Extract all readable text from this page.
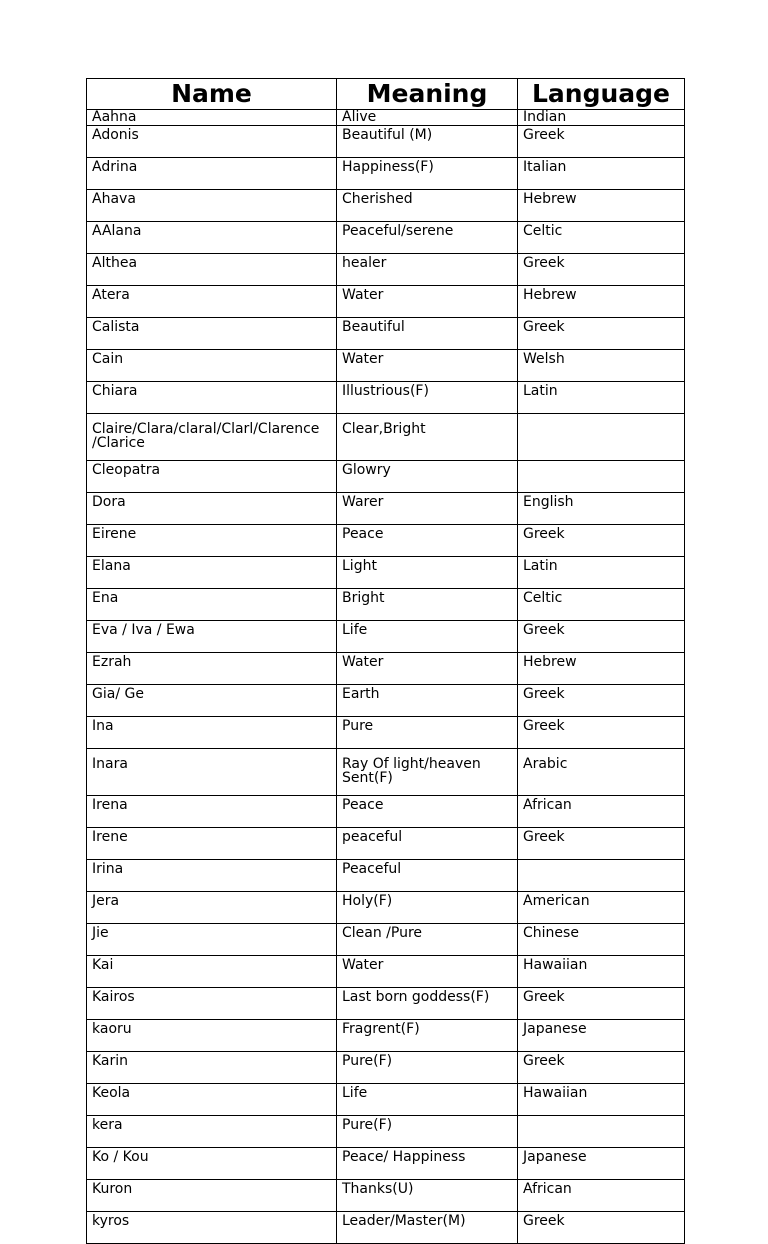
Name	Meaning	Language
Aahna	Alive	Indian
Adonis	Beautiful (M)	Greek
Adrina	Happiness(F)	Italian
Ahava	Cherished	Hebrew
AAlana	Peaceful/serene	Celtic
Althea	healer	Greek
Atera	Water	Hebrew
Calista	Beautiful	Greek
Cain	Water	Welsh
Chiara	Illustrious(F)	Latin
Claire/Clara/claral/Clarl/Clarence /Clarice	Clear,Bright	
Cleopatra	Glowry	
Dora	Warer	English
Eirene	Peace	Greek
Elana	Light	Latin
Ena	Bright	Celtic
Eva / Iva / Ewa	Life	Greek
Ezrah	Water	Hebrew
Gia/ Ge	Earth	Greek
Ina	Pure	Greek
Inara	Ray Of light/heaven Sent(F)	Arabic
Irena	Peace	African
Irene	peaceful	Greek
Irina	Peaceful	
Jera	Holy(F)	American
Jie	Clean /Pure	Chinese
Kai	Water	Hawaiian
Kairos	Last born goddess(F)	Greek
kaoru	Fragrent(F)	Japanese
Karin	Pure(F)	Greek
Keola	Life	Hawaiian
kera	Pure(F)	
Ko / Kou	Peace/ Happiness	Japanese
Kuron	Thanks(U)	African
kyros	Leader/Master(M)	Greek
